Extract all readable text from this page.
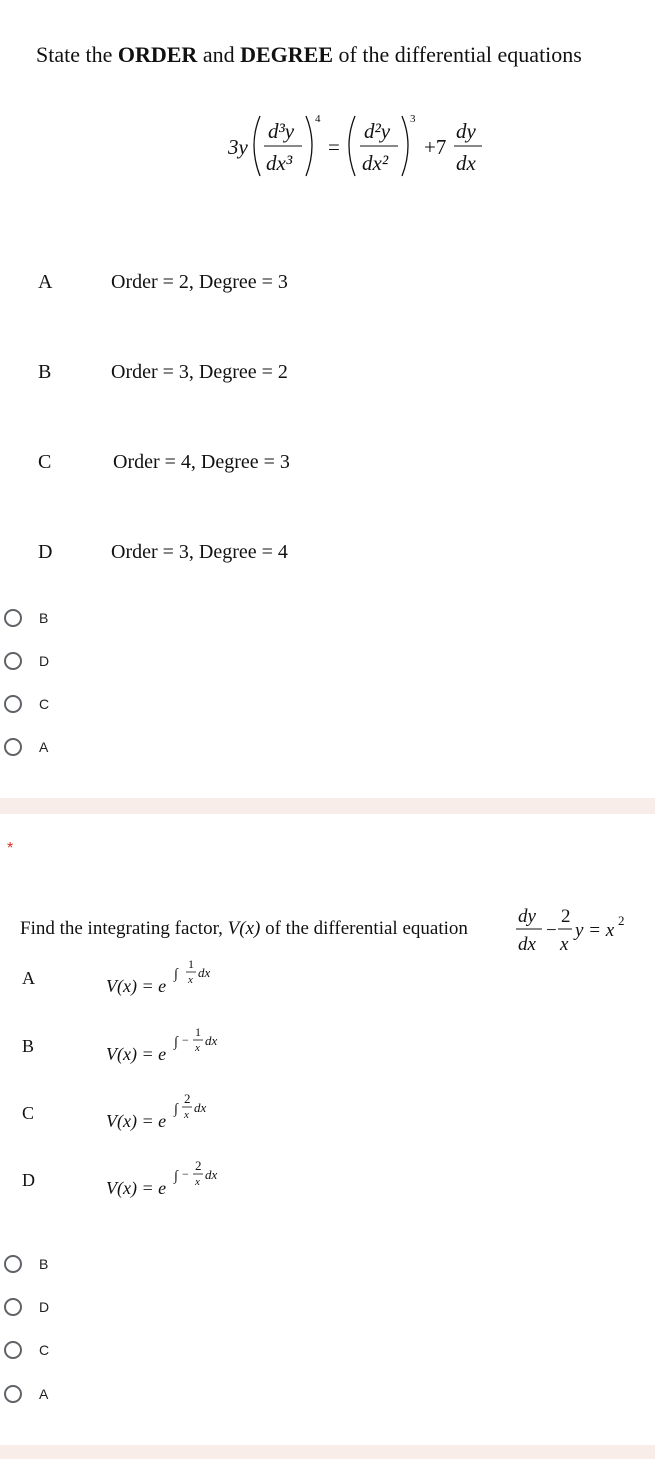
State the ORDER and DEGREE of the differential equations
3y
d³y
dx³
4
=
d²y
dx²
3
+7
dy
dx
A	Order = 2, Degree = 3
B	Order = 3, Degree = 2
C	Order = 4, Degree = 3
D	Order = 3, Degree = 4
B
D
C
A
*
Find the integrating factor, V(x) of the differential equation
dy
dx
−
2
x
y = x 2
A	V(x) = e
∫
1
x dx
B	V(x) = e
∫ −
1
x dx
C	V(x) = e
∫
2
x dx
D	V(x) = e
∫ −
2
x dx
B
D
C
A
